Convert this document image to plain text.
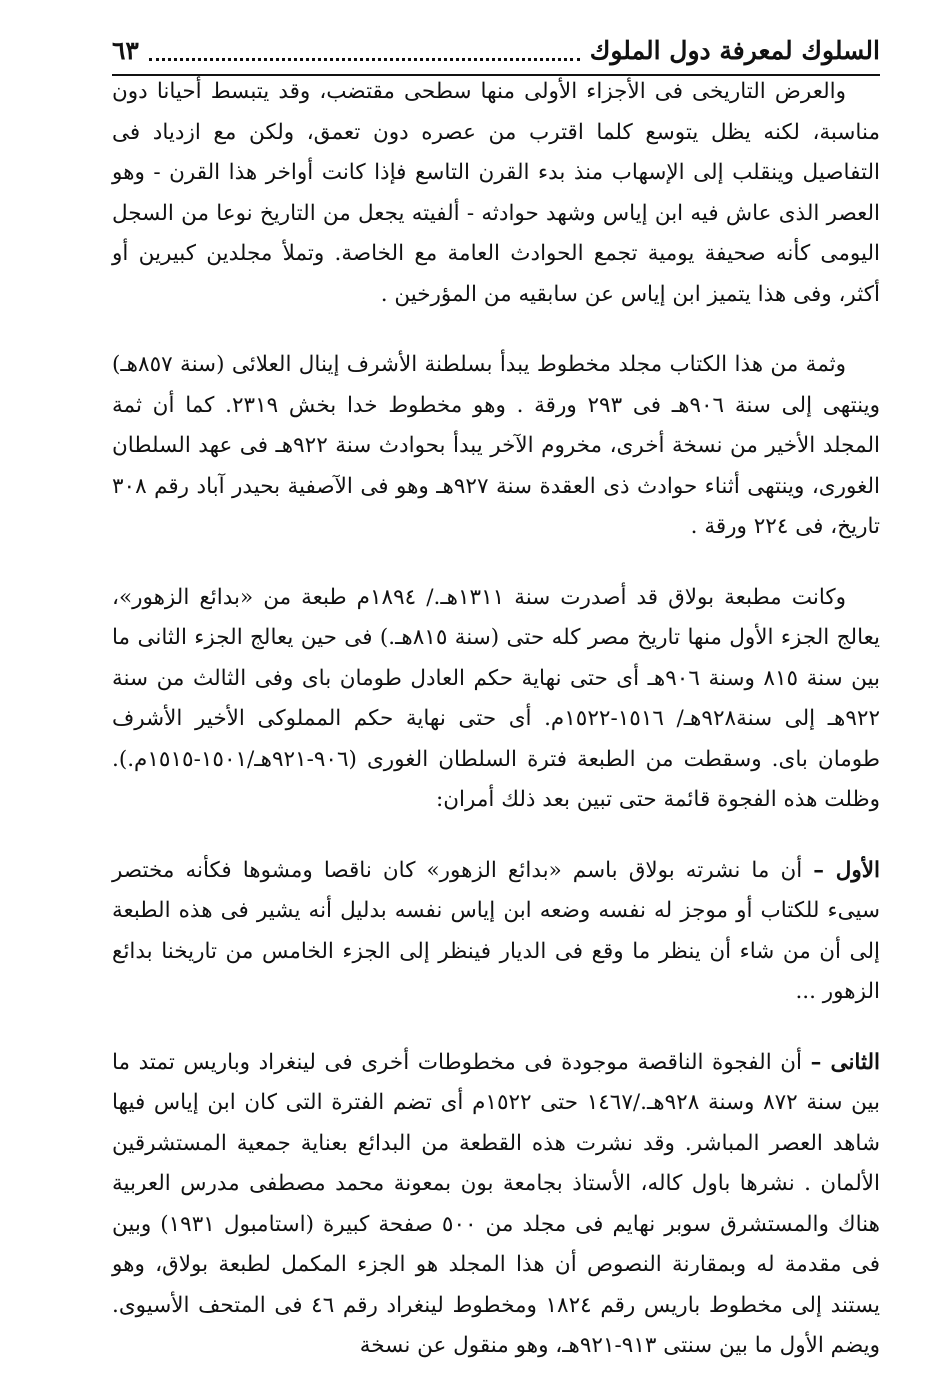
السلوك لمعرفة دول الملوك
٦٣

والعرض التاريخى فى الأجزاء الأولى منها سطحى مقتضب، وقد يتبسط أحيانا دون مناسبة، لكنه يظل يتوسع كلما اقترب من عصره دون تعمق، ولكن مع ازدياد فى التفاصيل وينقلب إلى الإسهاب منذ بدء القرن التاسع فإذا كانت أواخر هذا القرن - وهو العصر الذى عاش فيه ابن إياس وشهد حوادثه - ألفيته يجعل من التاريخ نوعا من السجل اليومى كأنه صحيفة يومية تجمع الحوادث العامة مع الخاصة. وتملأ مجلدين كبيرين أو أكثر، وفى هذا يتميز ابن إياس عن سابقيه من المؤرخين .

وثمة من هذا الكتاب مجلد مخطوط يبدأ بسلطنة الأشرف إينال العلائى (سنة ٨٥٧هـ) وينتهى إلى سنة ٩٠٦هـ فى ٢٩٣ ورقة . وهو مخطوط خدا بخش ٢٣١٩. كما أن ثمة المجلد الأخير من نسخة أخرى، مخروم الآخر يبدأ بحوادث سنة ٩٢٢هـ فى عهد السلطان الغورى، وينتهى أثناء حوادث ذى العقدة سنة ٩٢٧هـ وهو فى الآصفية بحيدر آباد رقم ٣٠٨ تاريخ، فى ٢٢٤ ورقة .

وكانت مطبعة بولاق قد أصدرت سنة ١٣١١هـ./ ١٨٩٤م طبعة من «بدائع الزهور»، يعالج الجزء الأول منها تاريخ مصر كله حتى (سنة ٨١٥هـ.) فى حين يعالج الجزء الثانى ما بين سنة ٨١٥ وسنة ٩٠٦هـ أى حتى نهاية حكم العادل طومان باى وفى الثالث من سنة ٩٢٢هـ إلى سنة٩٢٨هـ/ ١٥١٦-١٥٢٢م. أى حتى نهاية حكم المملوكى الأخير الأشرف طومان باى. وسقطت من الطبعة فترة السلطان الغورى (٩٠٦-٩٢١هـ/١٥٠١-١٥١٥م.). وظلت هذه الفجوة قائمة حتى تبين بعد ذلك أمران:

الأول – أن ما نشرته بولاق باسم «بدائع الزهور» كان ناقصا ومشوها فكأنه مختصر سيىء للكتاب أو موجز له نفسه وضعه ابن إياس نفسه بدليل أنه يشير فى هذه الطبعة إلى أن من شاء أن ينظر ما وقع فى الديار فينظر إلى الجزء الخامس من تاريخنا بدائع الزهور ...

الثانى – أن الفجوة الناقصة موجودة فى مخطوطات أخرى فى لينغراد وباريس تمتد ما بين سنة ٨٧٢ وسنة ٩٢٨هـ./١٤٦٧ حتى ١٥٢٢م أى تضم الفترة التى كان ابن إياس فيها شاهد العصر المباشر. وقد نشرت هذه القطعة من البدائع بعناية جمعية المستشرقين الألمان . نشرها باول كاله، الأستاذ بجامعة بون بمعونة محمد مصطفى مدرس العربية هناك والمستشرق سوبر نهايم فى مجلد من ٥٠٠ صفحة كبيرة (استامبول ١٩٣١) وبين فى مقدمة له وبمقارنة النصوص أن هذا المجلد هو الجزء المكمل لطبعة بولاق، وهو يستند إلى مخطوط باريس رقم ١٨٢٤ ومخطوط لينغراد رقم ٤٦ فى المتحف الأسيوى. ويضم الأول ما بين سنتى ٩١٣-٩٢١هـ، وهو منقول عن نسخة
